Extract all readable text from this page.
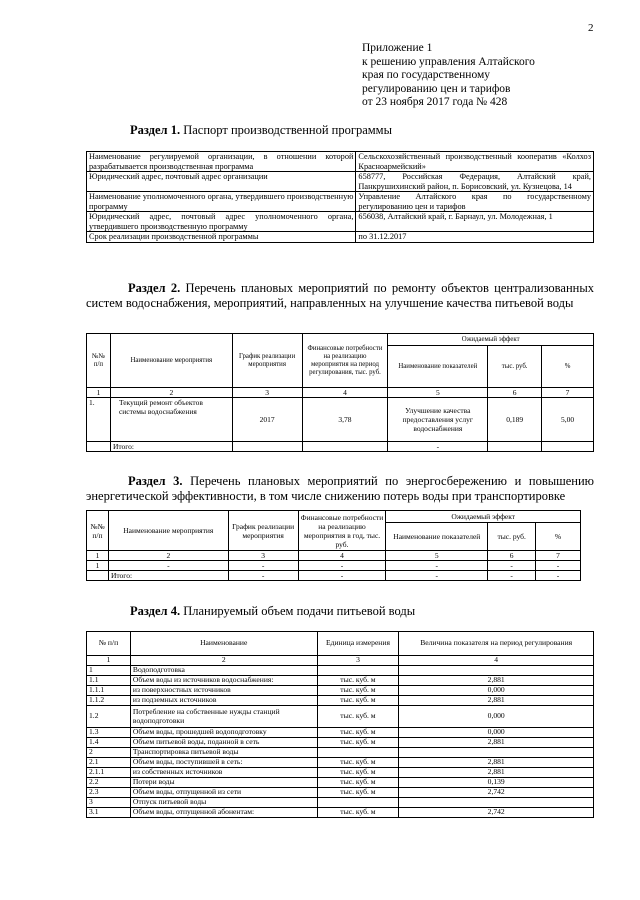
2
Приложение 1
к решению управления Алтайского
края по государственному
регулированию цен и тарифов
от 23 ноября 2017 года № 428
Раздел 1. Паспорт производственной программы
Наименование регулируемой организации, в отношении которой разрабатывается производственная программа	Сельскохозяйственный производственный кооператив «Колхоз Красноармейский»
Юридический адрес, почтовый адрес организации	658777, Российская Федерация, Алтайский край, Панкрушихинский район, п. Борисовский, ул. Кузнецова, 14
Наименование уполномоченного органа, утвердившего производственную программу	Управление Алтайского края по государственному регулированию цен и тарифов
Юридический адрес, почтовый адрес уполномоченного органа, утвердившего производственную программу	656038, Алтайский край, г. Барнаул, ул. Молодежная, 1
Срок реализации производственной программы	по 31.12.2017
Раздел 2. Перечень плановых мероприятий по ремонту объектов централизованных систем водоснабжения, мероприятий, направленных на улучшение качества питьевой воды
№№ п/п	Наименование мероприятия	График реализации мероприятия	Финансовые потребности на реализацию мероприятия на период регулирования, тыс. руб.	Ожидаемый эффект		
				Наименование показателей	тыс. руб.	%
1	2	3	4	5	6	7
1.	Текущий ремонт объектов системы водоснабжения	2017	3,78	Улучшение качества предоставления услуг водоснабжения	0,189	5,00
	Итого:			-		
Раздел 3. Перечень плановых мероприятий по энергосбережению и повышению энергетической эффективности, в том числе снижению потерь воды при транспортировке
№№ п/п	Наименование мероприятия	График реализации мероприятия	Финансовые потребности на реализацию мероприятия в год, тыс. руб.	Ожидаемый эффект		
				Наименование показателей	тыс. руб.	%
1	2	3	4	5	6	7
1	-	-	-	-	-	-
	Итого:	-	-	-	-	-
Раздел 4. Планируемый объем подачи питьевой воды
№ п/п	Наименование	Единица измерения	Величина показателя на период регулирования
1	2	3	4
1	Водоподготовка		
1.1	Объем воды из источников водоснабжения:	тыс. куб. м	2,881
1.1.1	из поверхностных источников	тыс. куб. м	0,000
1.1.2	из подземных источников	тыс. куб. м	2,881
1.2	Потребление на собственные нужды станций водоподготовки	тыс. куб. м	0,000
1.3	Объем воды, прошедшей водоподготовку	тыс. куб. м	0,000
1.4	Объем питьевой воды, поданной в сеть	тыс. куб. м	2,881
2	Транспортировка питьевой воды		
2.1	Объем воды, поступившей в сеть:	тыс. куб. м	2,881
2.1.1	из собственных источников	тыс. куб. м	2,881
2.2	Потери воды	тыс. куб. м	0,139
2.3	Объем воды, отпущенной из сети	тыс. куб. м	2,742
3	Отпуск питьевой воды		
3.1	Объем воды, отпущенной абонентам:	тыс. куб. м	2,742
